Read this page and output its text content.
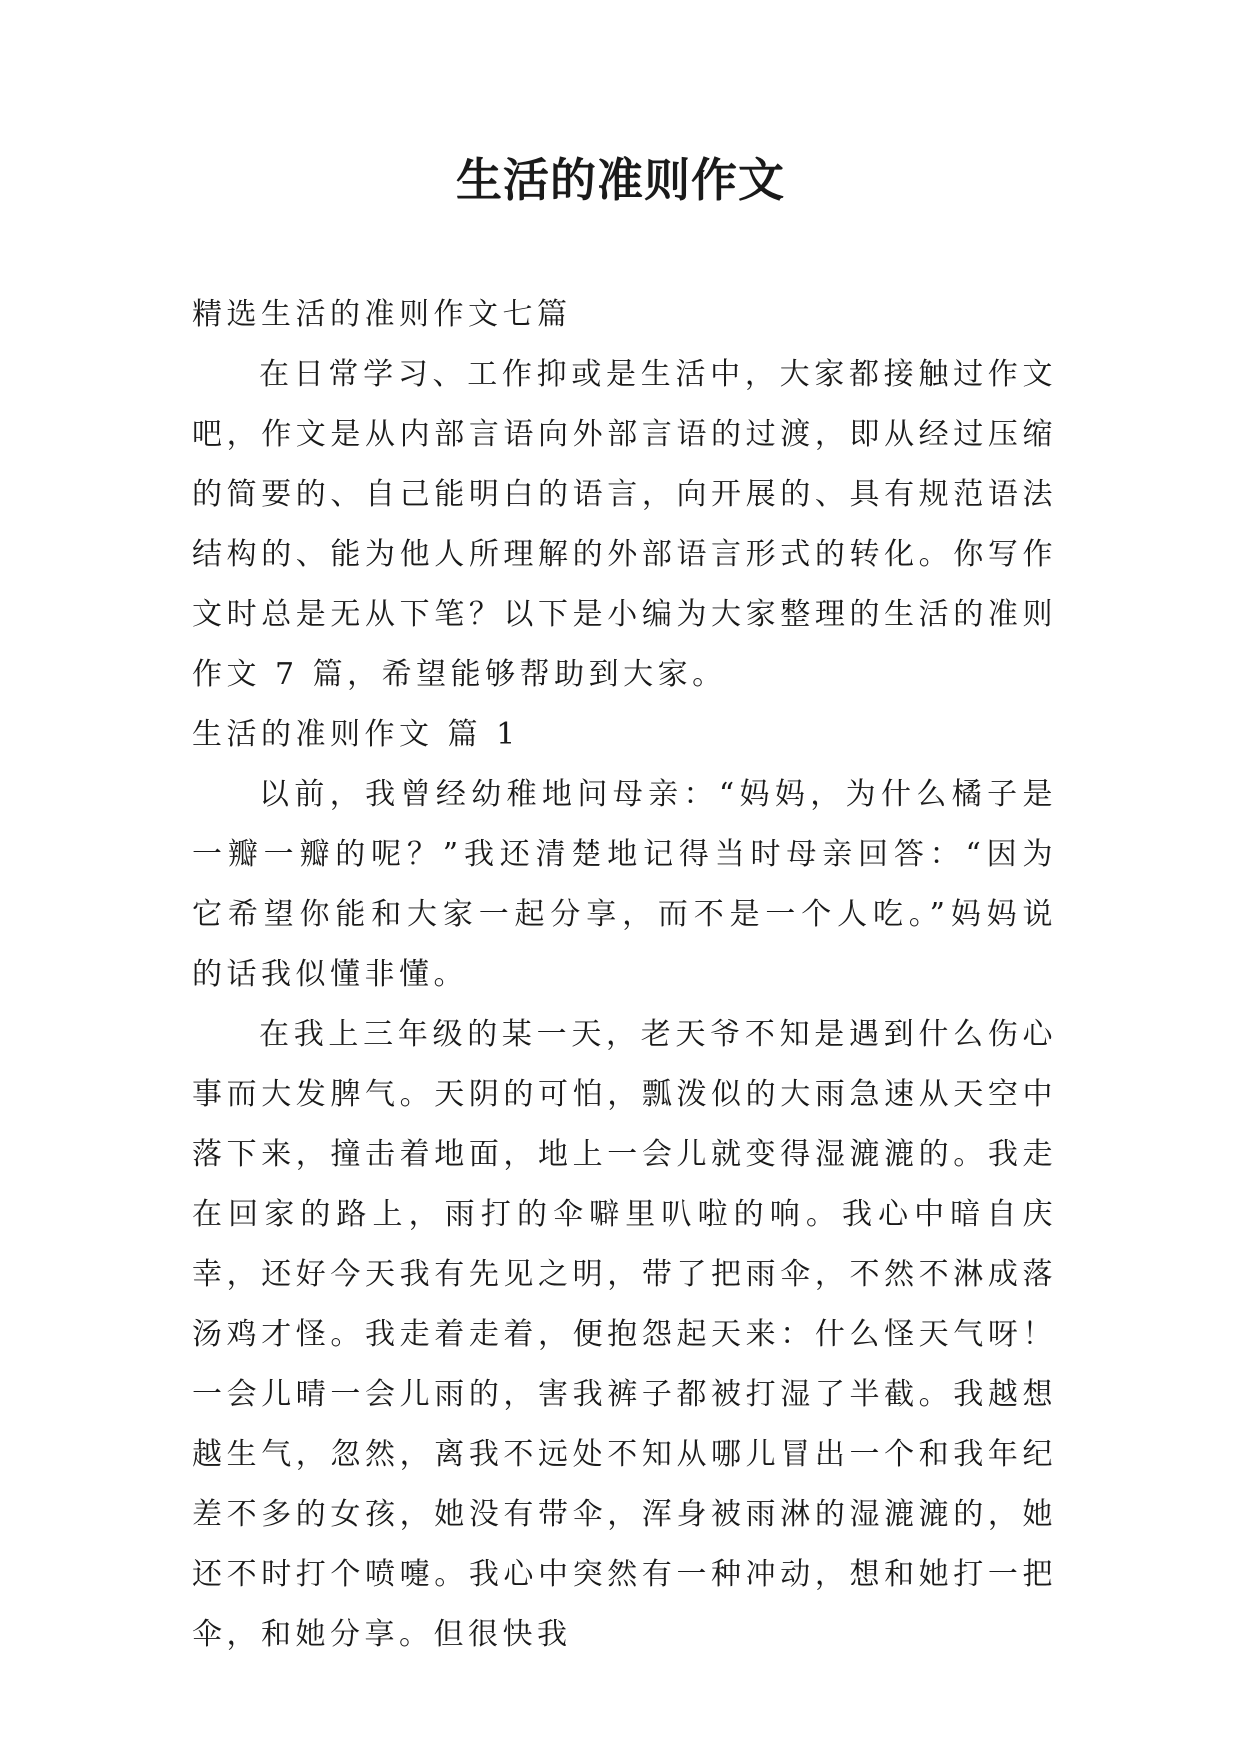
生活的准则作文

精选生活的准则作文七篇

在日常学习、工作抑或是生活中，大家都接触过作文吧，作文是从内部言语向外部言语的过渡，即从经过压缩的简要的、自己能明白的语言，向开展的、具有规范语法结构的、能为他人所理解的外部语言形式的转化。你写作文时总是无从下笔？以下是小编为大家整理的生活的准则作文 7 篇，希望能够帮助到大家。

生活的准则作文 篇 1

以前，我曾经幼稚地问母亲：“妈妈，为什么橘子是一瓣一瓣的呢？”我还清楚地记得当时母亲回答：“因为它希望你能和大家一起分享，而不是一个人吃。”妈妈说的话我似懂非懂。

在我上三年级的某一天，老天爷不知是遇到什么伤心事而大发脾气。天阴的可怕，瓢泼似的大雨急速从天空中落下来，撞击着地面，地上一会儿就变得湿漉漉的。我走在回家的路上，雨打的伞噼里叭啦的响。我心中暗自庆幸，还好今天我有先见之明，带了把雨伞，不然不淋成落汤鸡才怪。我走着走着，便抱怨起天来：什么怪天气呀！一会儿晴一会儿雨的，害我裤子都被打湿了半截。我越想越生气，忽然，离我不远处不知从哪儿冒出一个和我年纪差不多的女孩，她没有带伞，浑身被雨淋的湿漉漉的，她还不时打个喷嚏。我心中突然有一种冲动，想和她打一把伞，和她分享。但很快我
